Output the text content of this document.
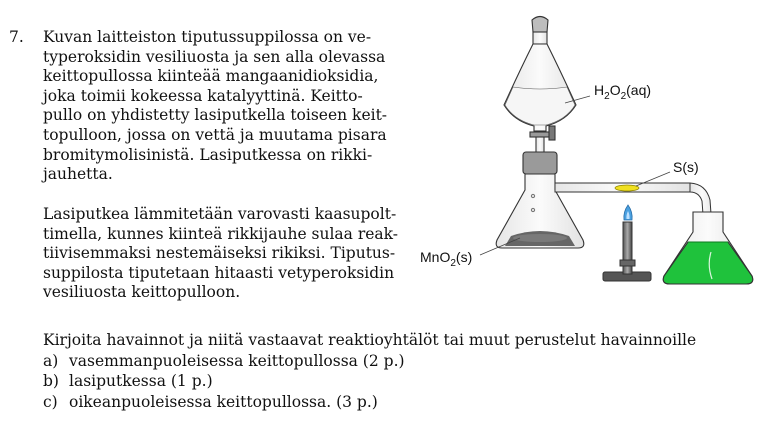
7. Kuvan laitteiston tiputussuppilossa on ve-
typeroksidin vesiliuosta ja sen alla olevassa
keittopullossa kiinteää mangaanidioksidia,
joka toimii kokeessa katalyyttinä. Keitto-
pullo on yhdistetty lasiputkella toiseen keit-
topulloon, jossa on vettä ja muutama pisara
bromitymolisinistä. Lasiputkessa on rikki-
jauhetta.
Lasiputkea lämmitetään varovasti kaasupolt-
timella, kunnes kiinteä rikkijauhe sulaa reak-
tiivisemmaksi nestemäiseksi rikiksi. Tiputus-
suppilosta tiputetaan hitaasti vetyperoksidin
vesiliuosta keittopulloon.
Kirjoita havainnot ja niitä vastaavat reaktioyhtälöt tai muut perustelut havainnoille
a) vasemmanpuoleisessa keittopullossa (2 p.)
b) lasiputkessa (1 p.)
c) oikeanpuoleisessa keittopullossa. (3 p.)
$H_2O_2(aq)$
S(s)
MnO$_2$(s)
